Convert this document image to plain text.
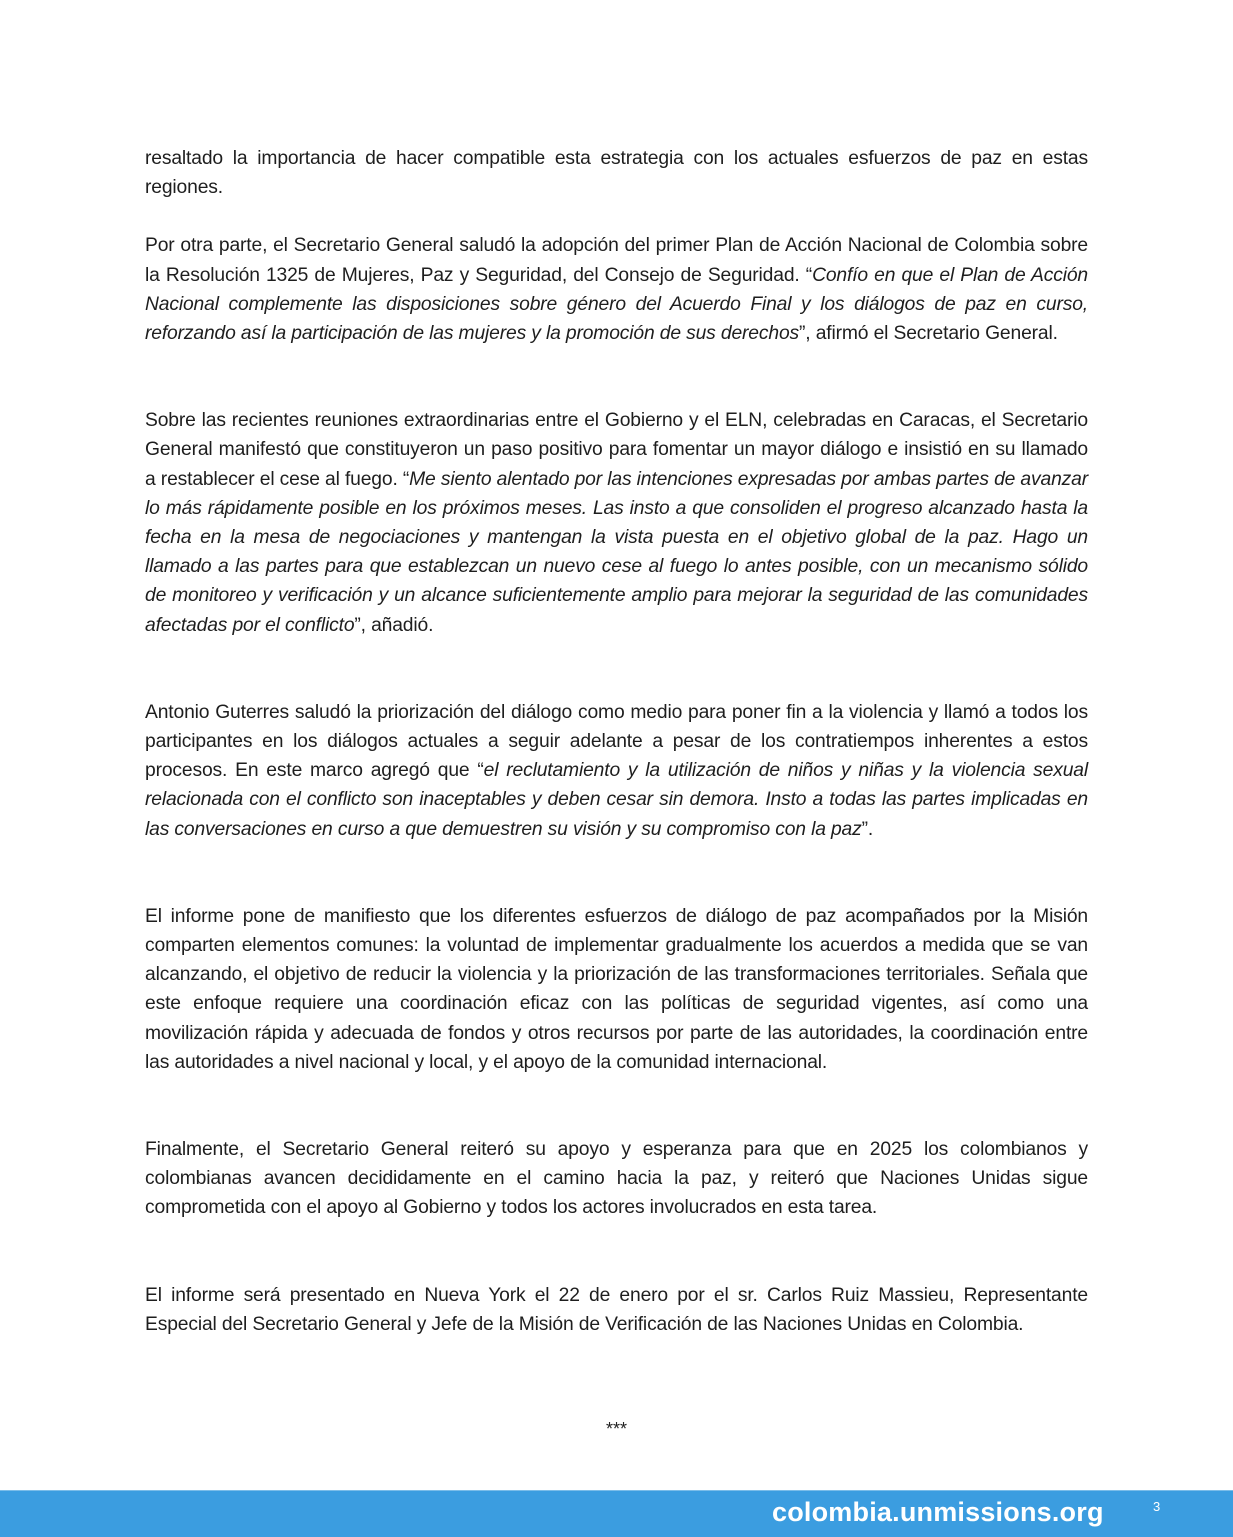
resaltado la importancia de hacer compatible esta estrategia con los actuales esfuerzos de paz en estas regiones.

Por otra parte, el Secretario General saludó la adopción del primer Plan de Acción Nacional de Colombia sobre la Resolución 1325 de Mujeres, Paz y Seguridad, del Consejo de Seguridad. “Confío en que el Plan de Acción Nacional complemente las disposiciones sobre género del Acuerdo Final y los diálogos de paz en curso, reforzando así la participación de las mujeres y la promoción de sus derechos”, afirmó el Secretario General.

Sobre las recientes reuniones extraordinarias entre el Gobierno y el ELN, celebradas en Caracas, el Secretario General manifestó que constituyeron un paso positivo para fomentar un mayor diálogo e insistió en su llamado a restablecer el cese al fuego. “Me siento alentado por las intenciones expresadas por ambas partes de avanzar lo más rápidamente posible en los próximos meses. Las insto a que consoliden el progreso alcanzado hasta la fecha en la mesa de negociaciones y mantengan la vista puesta en el objetivo global de la paz. Hago un llamado a las partes para que establezcan un nuevo cese al fuego lo antes posible, con un mecanismo sólido de monitoreo y verificación y un alcance suficientemente amplio para mejorar la seguridad de las comunidades afectadas por el conflicto”, añadió.

Antonio Guterres saludó la priorización del diálogo como medio para poner fin a la violencia y llamó a todos los participantes en los diálogos actuales a seguir adelante a pesar de los contratiempos inherentes a estos procesos. En este marco agregó que “el reclutamiento y la utilización de niños y niñas y la violencia sexual relacionada con el conflicto son inaceptables y deben cesar sin demora. Insto a todas las partes implicadas en las conversaciones en curso a que demuestren su visión y su compromiso con la paz”.

El informe pone de manifiesto que los diferentes esfuerzos de diálogo de paz acompañados por la Misión comparten elementos comunes: la voluntad de implementar gradualmente los acuerdos a medida que se van alcanzando, el objetivo de reducir la violencia y la priorización de las transformaciones territoriales. Señala que este enfoque requiere una coordinación eficaz con las políticas de seguridad vigentes, así como una movilización rápida y adecuada de fondos y otros recursos por parte de las autoridades, la coordinación entre las autoridades a nivel nacional y local, y el apoyo de la comunidad internacional.

Finalmente, el Secretario General reiteró su apoyo y esperanza para que en 2025 los colombianos y colombianas avancen decididamente en el camino hacia la paz, y reiteró que Naciones Unidas sigue comprometida con el apoyo al Gobierno y todos los actores involucrados en esta tarea.

El informe será presentado en Nueva York el 22 de enero por el sr. Carlos Ruiz Massieu, Representante Especial del Secretario General y Jefe de la Misión de Verificación de las Naciones Unidas en Colombia.

***
colombia.unmissions.org	3
